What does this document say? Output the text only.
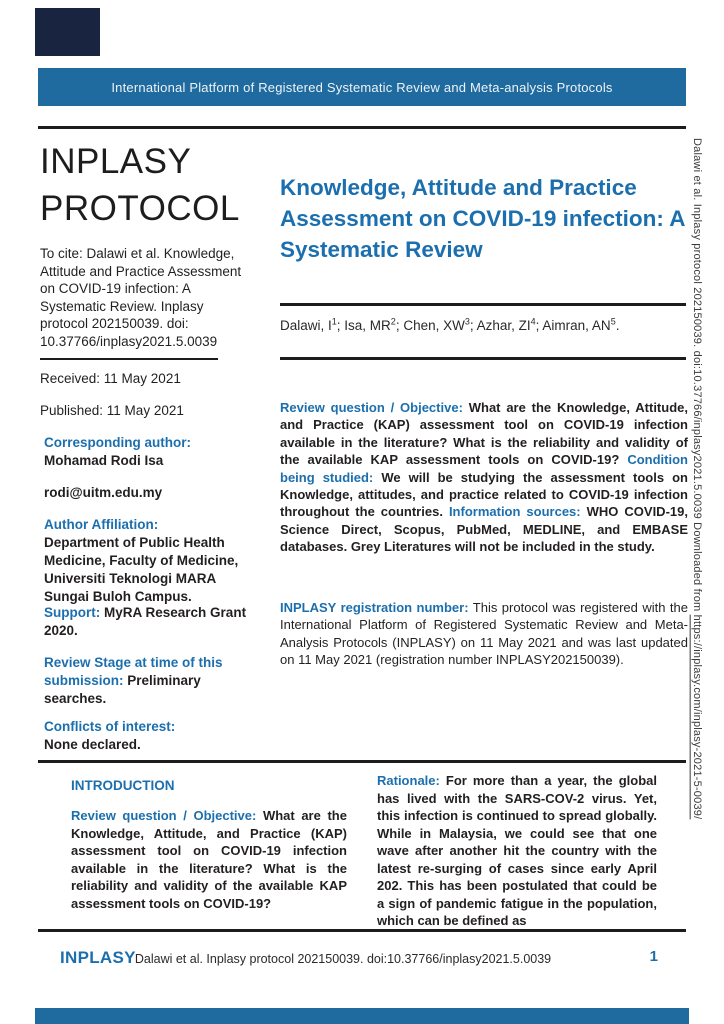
International Platform of Registered Systematic Review and Meta-analysis Protocols
INPLASY
PROTOCOL
To cite: Dalawi et al. Knowledge, Attitude and Practice Assessment on COVID-19 infection: A Systematic Review. Inplasy protocol 202150039. doi: 10.37766/inplasy2021.5.0039
Received: 11 May 2021
Published: 11 May 2021
Corresponding author:
Mohamad Rodi Isa
rodi@uitm.edu.my
Author Affiliation:
Department of Public Health Medicine, Faculty of Medicine, Universiti Teknologi MARA Sungai Buloh Campus.
Support: MyRA Research Grant 2020.
Review Stage at time of this submission: Preliminary searches.
Conflicts of interest:
None declared.
Knowledge, Attitude and Practice Assessment on COVID-19 infection: A Systematic Review
Dalawi, $I^1$; Isa, $MR^2$; Chen, $XW^3$; Azhar, $ZI^4$; Aimran, $AN^5$.
Review question / Objective: What are the Knowledge, Attitude, and Practice (KAP) assessment tool on COVID-19 infection available in the literature? What is the reliability and validity of the available KAP assessment tools on COVID-19? Condition being studied: We will be studying the assessment tools on Knowledge, attitudes, and practice related to COVID-19 infection throughout the countries. Information sources: WHO COVID-19, Science Direct, Scopus, PubMed, MEDLINE, and EMBASE databases. Grey Literatures will not be included in the study.
INPLASY registration number: This protocol was registered with the International Platform of Registered Systematic Review and Meta-Analysis Protocols (INPLASY) on 11 May 2021 and was last updated on 11 May 2021 (registration number INPLASY202150039).
INTRODUCTION
Review question / Objective: What are the Knowledge, Attitude, and Practice (KAP) assessment tool on COVID-19 infection available in the literature? What is the reliability and validity of the available KAP assessment tools on COVID-19?
Rationale: For more than a year, the global has lived with the SARS-COV-2 virus. Yet, this infection is continued to spread globally. While in Malaysia, we could see that one wave after another hit the country with the latest re-surging of cases since early April 202. This has been postulated that could be a sign of pandemic fatigue in the population, which can be defined as
INPLASY Dalawi et al. Inplasy protocol 202150039. doi:10.37766/inplasy2021.5.0039	1
Dalawi et al. Inplasy protocol 202150039. doi:10.37766/inplasy2021.5.0039 Downloaded from https://inplasy.com/inplasy-2021-5-0039/
